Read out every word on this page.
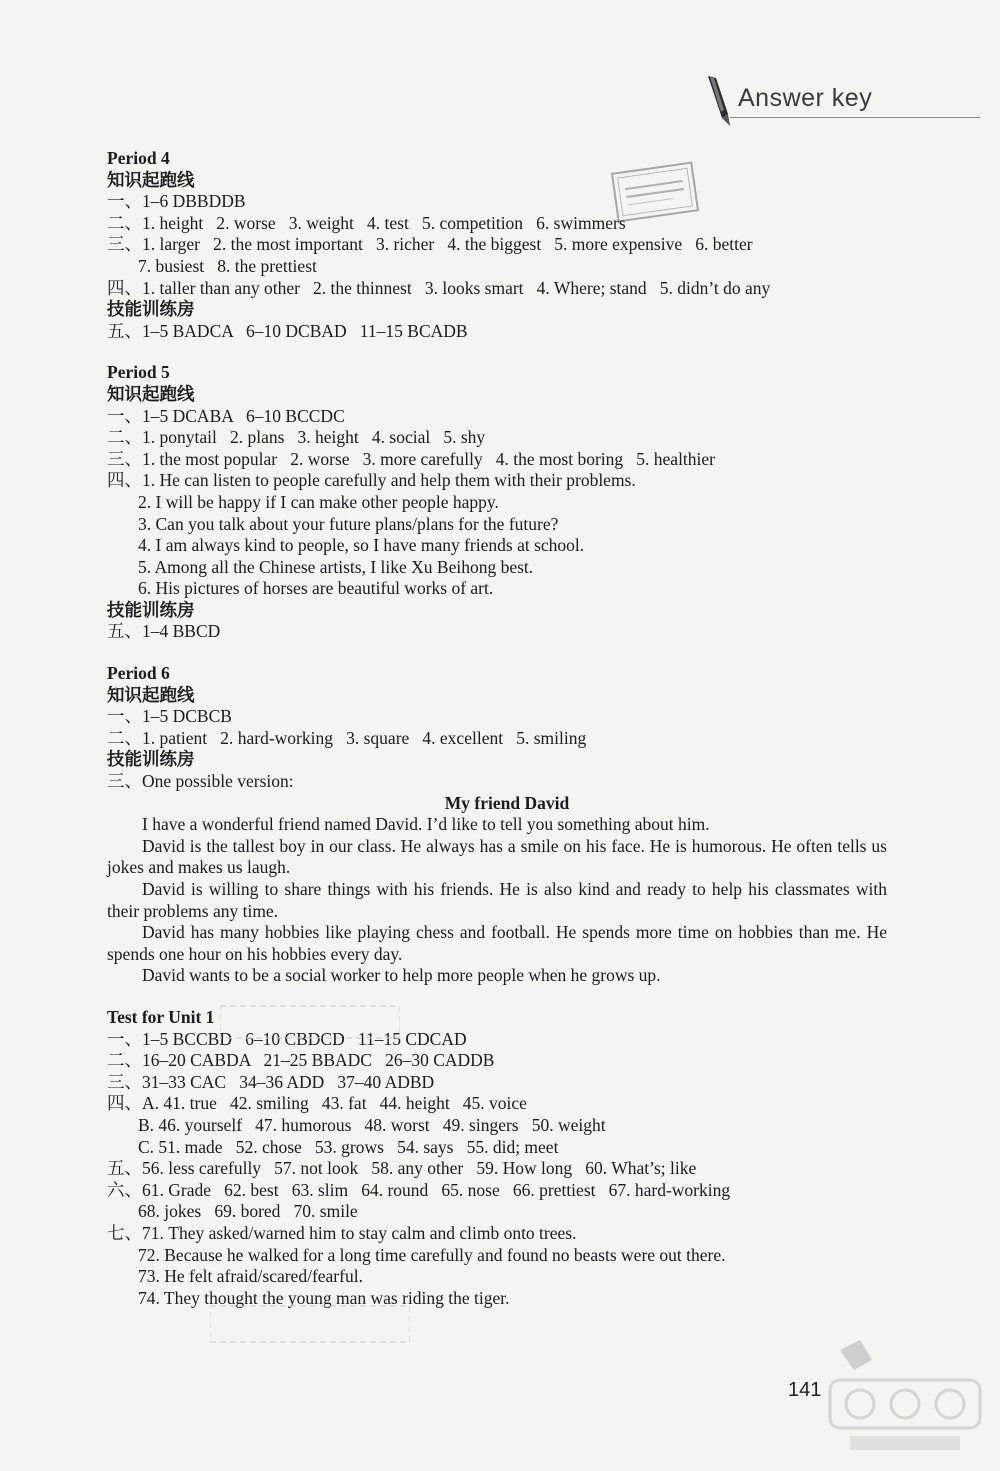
Answer key
Period 4
知识起跑线
一、1–6 DBBDDB
二、1. height   2. worse   3. weight   4. test   5. competition   6. swimmers
三、1. larger   2. the most important   3. richer   4. the biggest   5. more expensive   6. better
7. busiest   8. the prettiest
四、1. taller than any other   2. the thinnest   3. looks smart   4. Where; stand   5. didn’t do any
技能训练房
五、1–5 BADCA   6–10 DCBAD   11–15 BCADB
Period 5
知识起跑线
一、1–5 DCABA   6–10 BCCDC
二、1. ponytail   2. plans   3. height   4. social   5. shy
三、1. the most popular   2. worse   3. more carefully   4. the most boring   5. healthier
四、1. He can listen to people carefully and help them with their problems.
2. I will be happy if I can make other people happy.
3. Can you talk about your future plans/plans for the future?
4. I am always kind to people, so I have many friends at school.
5. Among all the Chinese artists, I like Xu Beihong best.
6. His pictures of horses are beautiful works of art.
技能训练房
五、1–4 BBCD
Period 6
知识起跑线
一、1–5 DCBCB
二、1. patient   2. hard-working   3. square   4. excellent   5. smiling
技能训练房
三、One possible version:
My friend David
I have a wonderful friend named David. I’d like to tell you something about him.
David is the tallest boy in our class. He always has a smile on his face. He is humorous. He often tells us jokes and makes us laugh.
David is willing to share things with his friends. He is also kind and ready to help his classmates with their problems any time.
David has many hobbies like playing chess and football. He spends more time on hobbies than me. He spends one hour on his hobbies every day.
David wants to be a social worker to help more people when he grows up.
Test for Unit 1
一、1–5 BCCBD   6–10 CBDCD   11–15 CDCAD
二、16–20 CABDA   21–25 BBADC   26–30 CADDB
三、31–33 CAC   34–36 ADD   37–40 ADBD
四、A. 41. true   42. smiling   43. fat   44. height   45. voice
B. 46. yourself   47. humorous   48. worst   49. singers   50. weight
C. 51. made   52. chose   53. grows   54. says   55. did; meet
五、56. less carefully   57. not look   58. any other   59. How long   60. What’s; like
六、61. Grade   62. best   63. slim   64. round   65. nose   66. prettiest   67. hard-working
68. jokes   69. bored   70. smile
七、71. They asked/warned him to stay calm and climb onto trees.
72. Because he walked for a long time carefully and found no beasts were out there.
73. He felt afraid/scared/fearful.
74. They thought the young man was riding the tiger.
141
